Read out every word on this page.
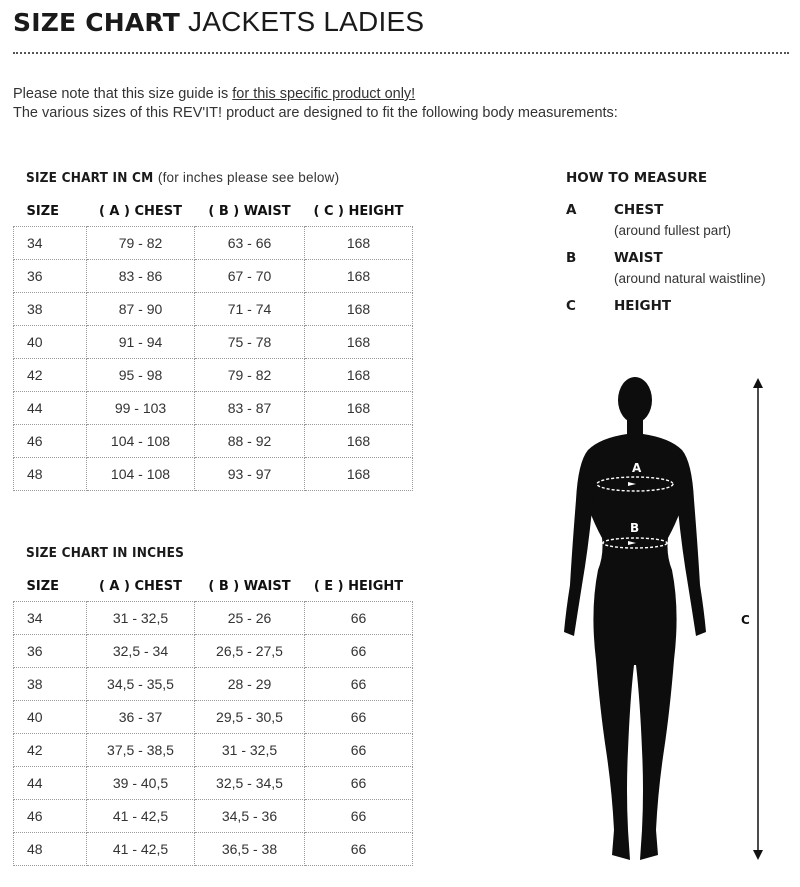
SIZE CHART JACKETS LADIES
Please note that this size guide is for this specific product only!
The various sizes of this REV'IT! product are designed to fit the following body measurements:
SIZE CHART IN CM (for inches please see below)
SIZE	( A ) CHEST	( B ) WAIST	( C ) HEIGHT
34	79 - 82	63 - 66	168
36	83 - 86	67 - 70	168
38	87 - 90	71 - 74	168
40	91 - 94	75 - 78	168
42	95 - 98	79 - 82	168
44	99 - 103	83 - 87	168
46	104 - 108	88 - 92	168
48	104 - 108	93 - 97	168
SIZE CHART IN INCHES
SIZE	( A ) CHEST	( B ) WAIST	( E ) HEIGHT
34	31 - 32,5	25 - 26	66
36	32,5 - 34	26,5 - 27,5	66
38	34,5 - 35,5	28 - 29	66
40	36 - 37	29,5 - 30,5	66
42	37,5 - 38,5	31 - 32,5	66
44	39 - 40,5	32,5 - 34,5	66
46	41 - 42,5	34,5 - 36	66
48	41 - 42,5	36,5 - 38	66
HOW TO MEASURE
A	CHEST
(around fullest part)
B	WAIST
(around natural waistline)
C	HEIGHT
A
B
C
